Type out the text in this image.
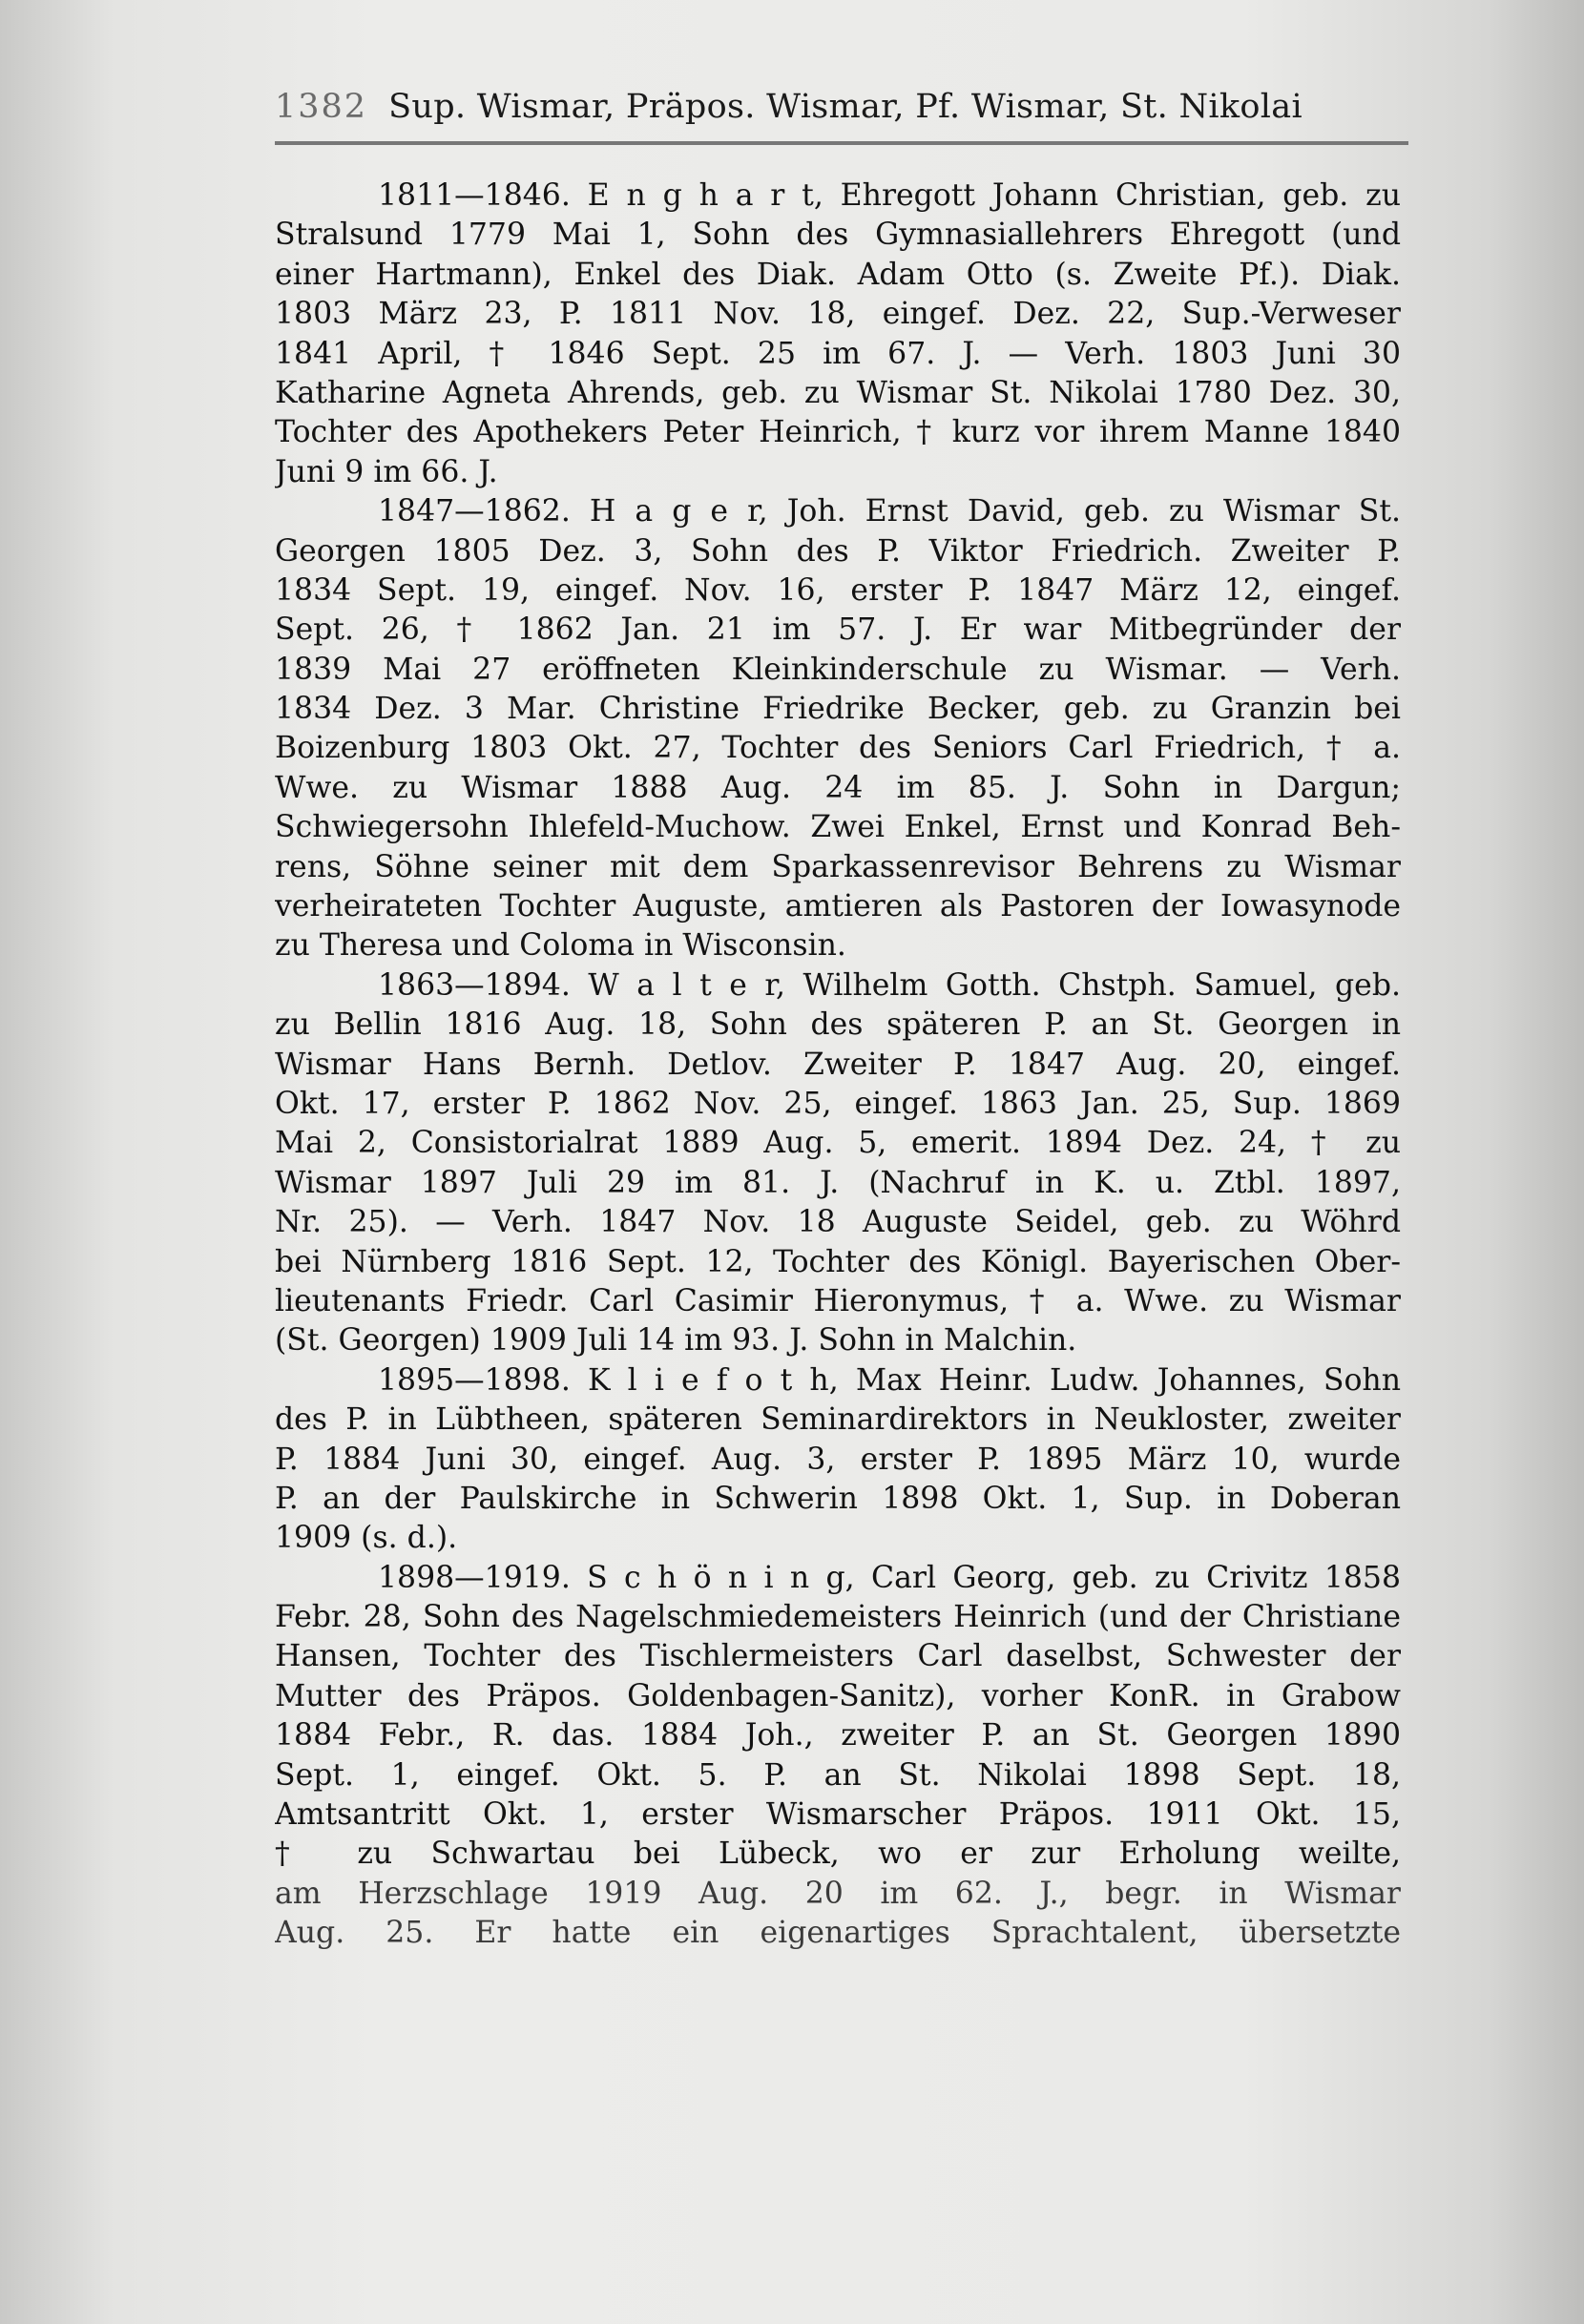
1382 Sup. Wismar, Präpos. Wismar, Pf. Wismar, St. Nikolai
1811—1846. E n g h a r t, Ehregott Johann Christian, geb. zu
Stralsund 1779 Mai 1, Sohn des Gymnasiallehrers Ehregott (und
einer Hartmann), Enkel des Diak. Adam Otto (s. Zweite Pf.). Diak.
1803 März 23, P. 1811 Nov. 18, eingef. Dez. 22, Sup.-Verweser
1841 April, † 1846 Sept. 25 im 67. J. — Verh. 1803 Juni 30
Katharine Agneta Ahrends, geb. zu Wismar St. Nikolai 1780 Dez. 30,
Tochter des Apothekers Peter Heinrich, † kurz vor ihrem Manne 1840
Juni 9 im 66. J.
1847—1862. H a g e r, Joh. Ernst David, geb. zu Wismar St.
Georgen 1805 Dez. 3, Sohn des P. Viktor Friedrich. Zweiter P.
1834 Sept. 19, eingef. Nov. 16, erster P. 1847 März 12, eingef.
Sept. 26, † 1862 Jan. 21 im 57. J. Er war Mitbegründer der
1839 Mai 27 eröffneten Kleinkinderschule zu Wismar. — Verh.
1834 Dez. 3 Mar. Christine Friedrike Becker, geb. zu Granzin bei
Boizenburg 1803 Okt. 27, Tochter des Seniors Carl Friedrich, † a.
Wwe. zu Wismar 1888 Aug. 24 im 85. J. Sohn in Dargun;
Schwiegersohn Ihlefeld-Muchow. Zwei Enkel, Ernst und Konrad Beh-
rens, Söhne seiner mit dem Sparkassenrevisor Behrens zu Wismar
verheirateten Tochter Auguste, amtieren als Pastoren der Iowasynode
zu Theresa und Coloma in Wisconsin.
1863—1894. W a l t e r, Wilhelm Gotth. Chstph. Samuel, geb.
zu Bellin 1816 Aug. 18, Sohn des späteren P. an St. Georgen in
Wismar Hans Bernh. Detlov. Zweiter P. 1847 Aug. 20, eingef.
Okt. 17, erster P. 1862 Nov. 25, eingef. 1863 Jan. 25, Sup. 1869
Mai 2, Consistorialrat 1889 Aug. 5, emerit. 1894 Dez. 24, † zu
Wismar 1897 Juli 29 im 81. J. (Nachruf in K. u. Ztbl. 1897,
Nr. 25). — Verh. 1847 Nov. 18 Auguste Seidel, geb. zu Wöhrd
bei Nürnberg 1816 Sept. 12, Tochter des Königl. Bayerischen Ober-
lieutenants Friedr. Carl Casimir Hieronymus, † a. Wwe. zu Wismar
(St. Georgen) 1909 Juli 14 im 93. J. Sohn in Malchin.
1895—1898. K l i e f o t h, Max Heinr. Ludw. Johannes, Sohn
des P. in Lübtheen, späteren Seminardirektors in Neukloster, zweiter
P. 1884 Juni 30, eingef. Aug. 3, erster P. 1895 März 10, wurde
P. an der Paulskirche in Schwerin 1898 Okt. 1, Sup. in Doberan
1909 (s. d.).
1898—1919. S c h ö n i n g, Carl Georg, geb. zu Crivitz 1858
Febr. 28, Sohn des Nagelschmiedemeisters Heinrich (und der Christiane
Hansen, Tochter des Tischlermeisters Carl daselbst, Schwester der
Mutter des Präpos. Goldenbagen-Sanitz), vorher KonR. in Grabow
1884 Febr., R. das. 1884 Joh., zweiter P. an St. Georgen 1890
Sept. 1, eingef. Okt. 5. P. an St. Nikolai 1898 Sept. 18,
Amtsantritt Okt. 1, erster Wismarscher Präpos. 1911 Okt. 15,
† zu Schwartau bei Lübeck, wo er zur Erholung weilte,
am Herzschlage 1919 Aug. 20 im 62. J., begr. in Wismar
Aug. 25. Er hatte ein eigenartiges Sprachtalent, übersetzte
